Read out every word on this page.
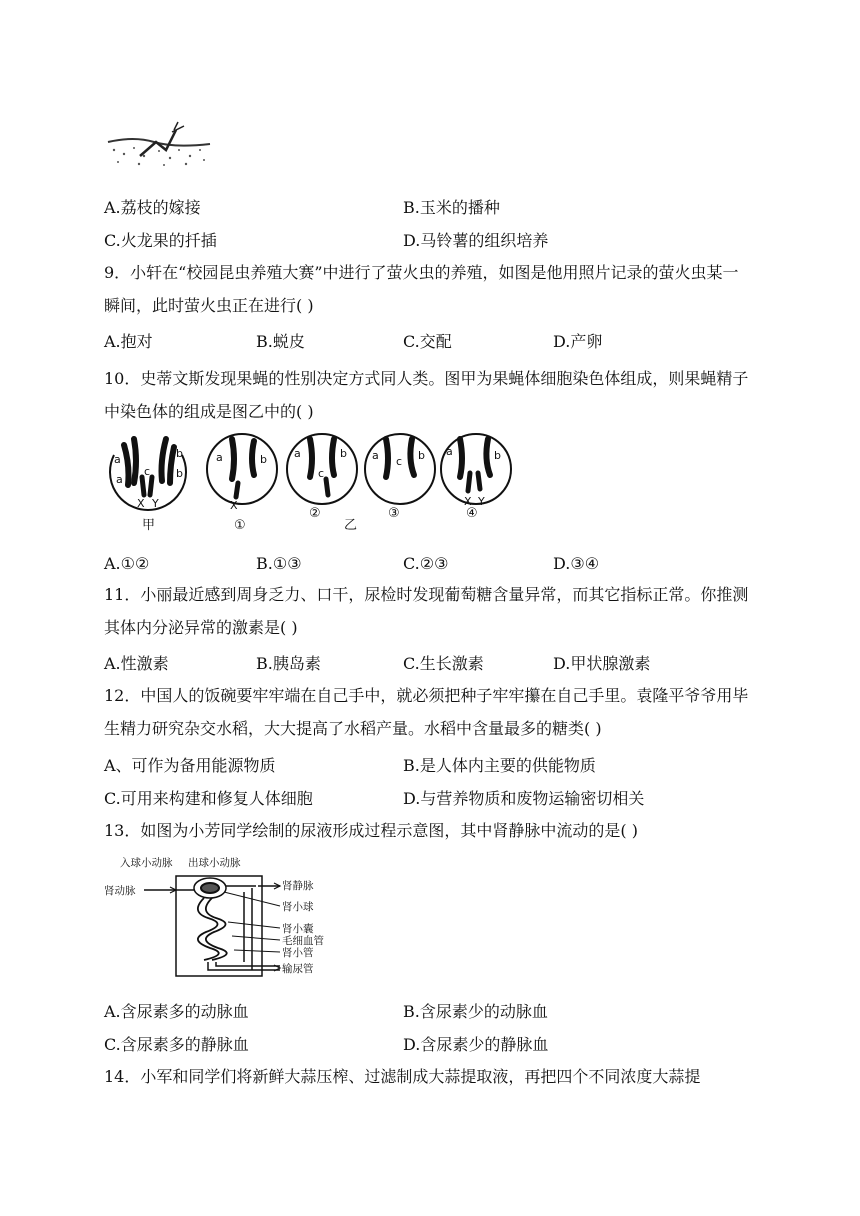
A.荔枝的嫁接	B.玉米的播种
C.火龙果的扦插	D.马铃薯的组织培养
9．小轩在“校园昆虫养殖大赛”中进行了萤火虫的养殖，如图是他用照片记录的萤火虫某一瞬间，此时萤火虫正在进行( )
A.抱对	B.蜕皮	C.交配	D.产卵
10．史蒂文斯发现果蝇的性别决定方式同人类。图甲为果蝇体细胞染色体组成，则果蝇精子中染色体的组成是图乙中的( )
a
a
b
b
c
X Y
甲
a	b
X
①
a	b
c
②
乙
a	b
c
③
a	b
X Y
④
A.①②	B.①③	C.②③	D.③④
11．小丽最近感到周身乏力、口干，尿检时发现葡萄糖含量异常，而其它指标正常。你推测其体内分泌异常的激素是( )
A.性激素	B.胰岛素	C.生长激素	D.甲状腺激素
12．中国人的饭碗要牢牢端在自己手中，就必须把种子牢牢攥在自己手里。袁隆平爷爷用毕生精力研究杂交水稻，大大提高了水稻产量。水稻中含量最多的糖类( )
A、可作为备用能源物质	B.是人体内主要的供能物质
C.可用来构建和修复人体细胞	D.与营养物质和废物运输密切相关
13．如图为小芳同学绘制的尿液形成过程示意图，其中肾静脉中流动的是( )
入球小动脉 出球小动脉
肾动脉	肾静脉
肾小球
肾小囊
毛细血管
肾小管
输尿管
A.含尿素多的动脉血	B.含尿素少的动脉血
C.含尿素多的静脉血	D.含尿素少的静脉血
14．小军和同学们将新鲜大蒜压榨、过滤制成大蒜提取液，再把四个不同浓度大蒜提
